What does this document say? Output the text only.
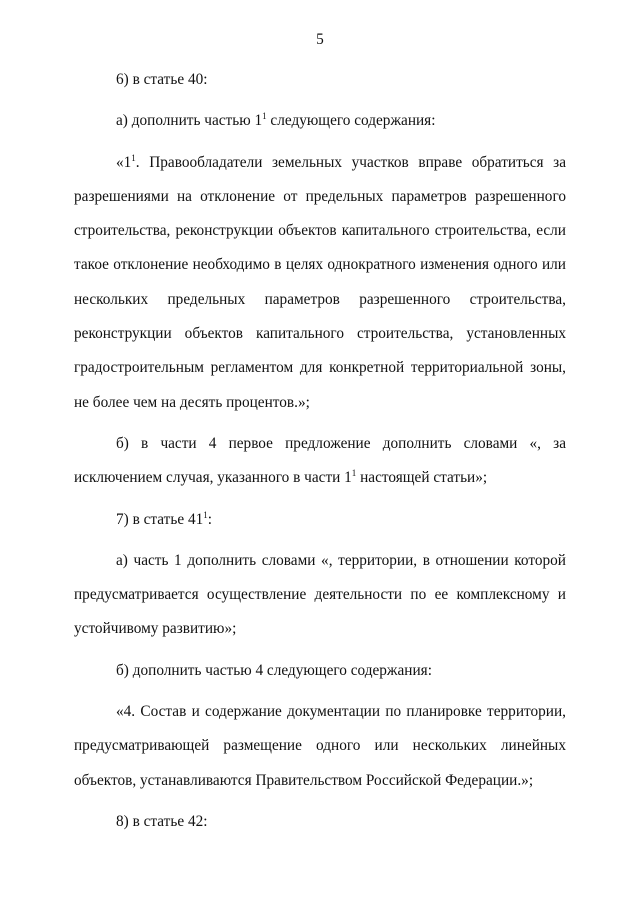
5

6) в статье 40:

а) дополнить частью $1^1$ следующего содержания:

«$1^1$. Правообладатели земельных участков вправе обратиться за разрешениями на отклонение от предельных параметров разрешенного строительства, реконструкции объектов капитального строительства, если такое отклонение необходимо в целях однократного изменения одного или нескольких предельных параметров разрешенного строительства, реконструкции объектов капитального строительства, установленных градостроительным регламентом для конкретной территориальной зоны, не более чем на десять процентов.»;

б) в части 4 первое предложение дополнить словами «, за исключением случая, указанного в части $1^1$ настоящей статьи»;

7) в статье $41^1$:

а) часть 1 дополнить словами «, территории, в отношении которой предусматривается осуществление деятельности по ее комплексному и устойчивому развитию»;

б) дополнить частью 4 следующего содержания:

«4. Состав и содержание документации по планировке территории, предусматривающей размещение одного или нескольких линейных объектов, устанавливаются Правительством Российской Федерации.»;

8) в статье 42:
